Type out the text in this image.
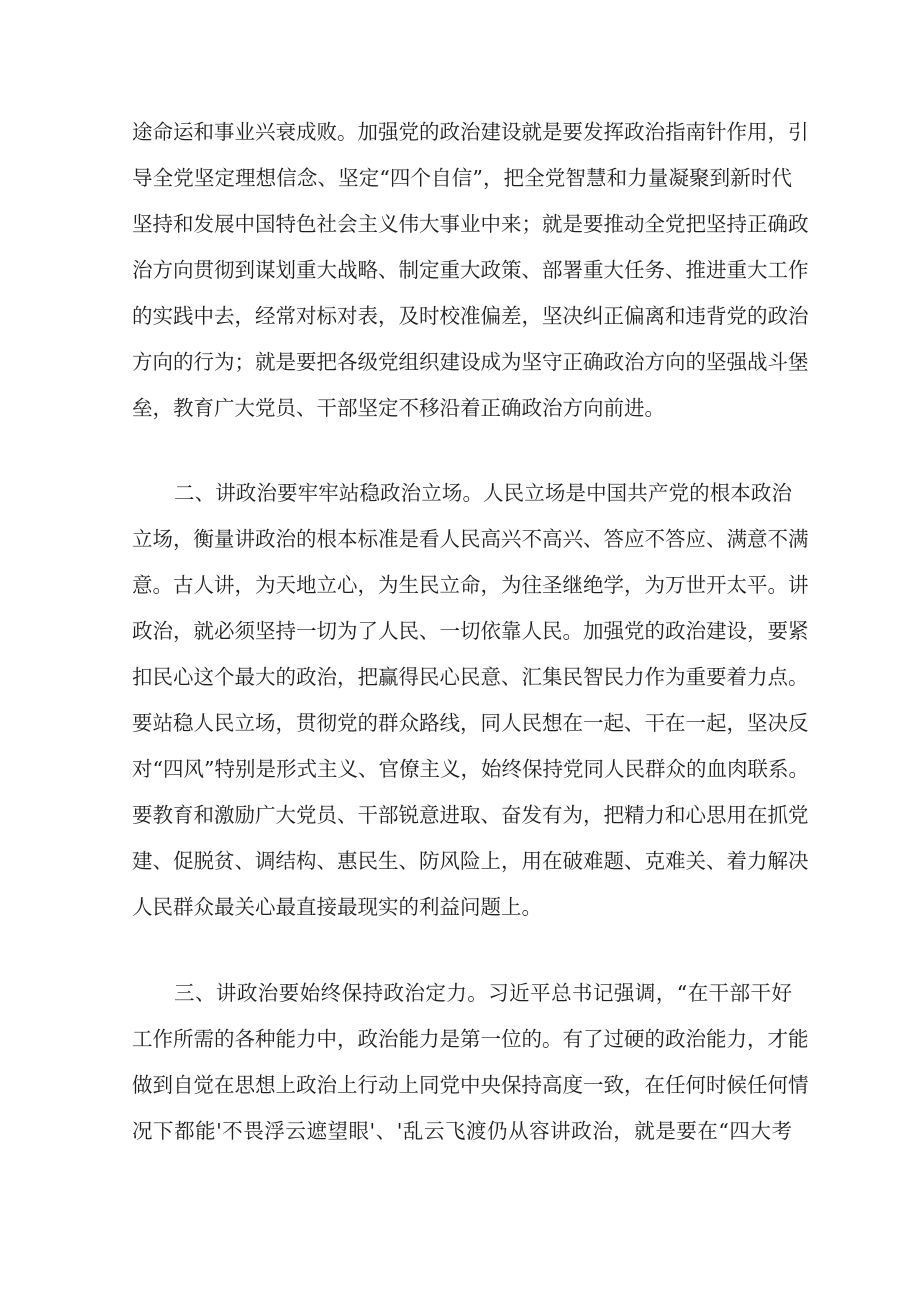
途命运和事业兴衰成败。加强党的政治建设就是要发挥政治指南针作用，引
导全党坚定理想信念、坚定“四个自信”，把全党智慧和力量凝聚到新时代
坚持和发展中国特色社会主义伟大事业中来；就是要推动全党把坚持正确政
治方向贯彻到谋划重大战略、制定重大政策、部署重大任务、推进重大工作
的实践中去，经常对标对表，及时校准偏差，坚决纠正偏离和违背党的政治
方向的行为；就是要把各级党组织建设成为坚守正确政治方向的坚强战斗堡
垒，教育广大党员、干部坚定不移沿着正确政治方向前进。
二、讲政治要牢牢站稳政治立场。人民立场是中国共产党的根本政治
立场，衡量讲政治的根本标准是看人民高兴不高兴、答应不答应、满意不满
意。古人讲，为天地立心，为生民立命，为往圣继绝学，为万世开太平。讲
政治，就必须坚持一切为了人民、一切依靠人民。加强党的政治建设，要紧
扣民心这个最大的政治，把赢得民心民意、汇集民智民力作为重要着力点。
要站稳人民立场，贯彻党的群众路线，同人民想在一起、干在一起，坚决反
对“四风”特别是形式主义、官僚主义，始终保持党同人民群众的血肉联系。
要教育和激励广大党员、干部锐意进取、奋发有为，把精力和心思用在抓党
建、促脱贫、调结构、惠民生、防风险上，用在破难题、克难关、着力解决
人民群众最关心最直接最现实的利益问题上。
三、讲政治要始终保持政治定力。习近平总书记强调，“在干部干好
工作所需的各种能力中，政治能力是第一位的。有了过硬的政治能力，才能
做到自觉在思想上政治上行动上同党中央保持高度一致，在任何时候任何情
况下都能'不畏浮云遮望眼'、'乱云飞渡仍从容讲政治，就是要在“四大考
